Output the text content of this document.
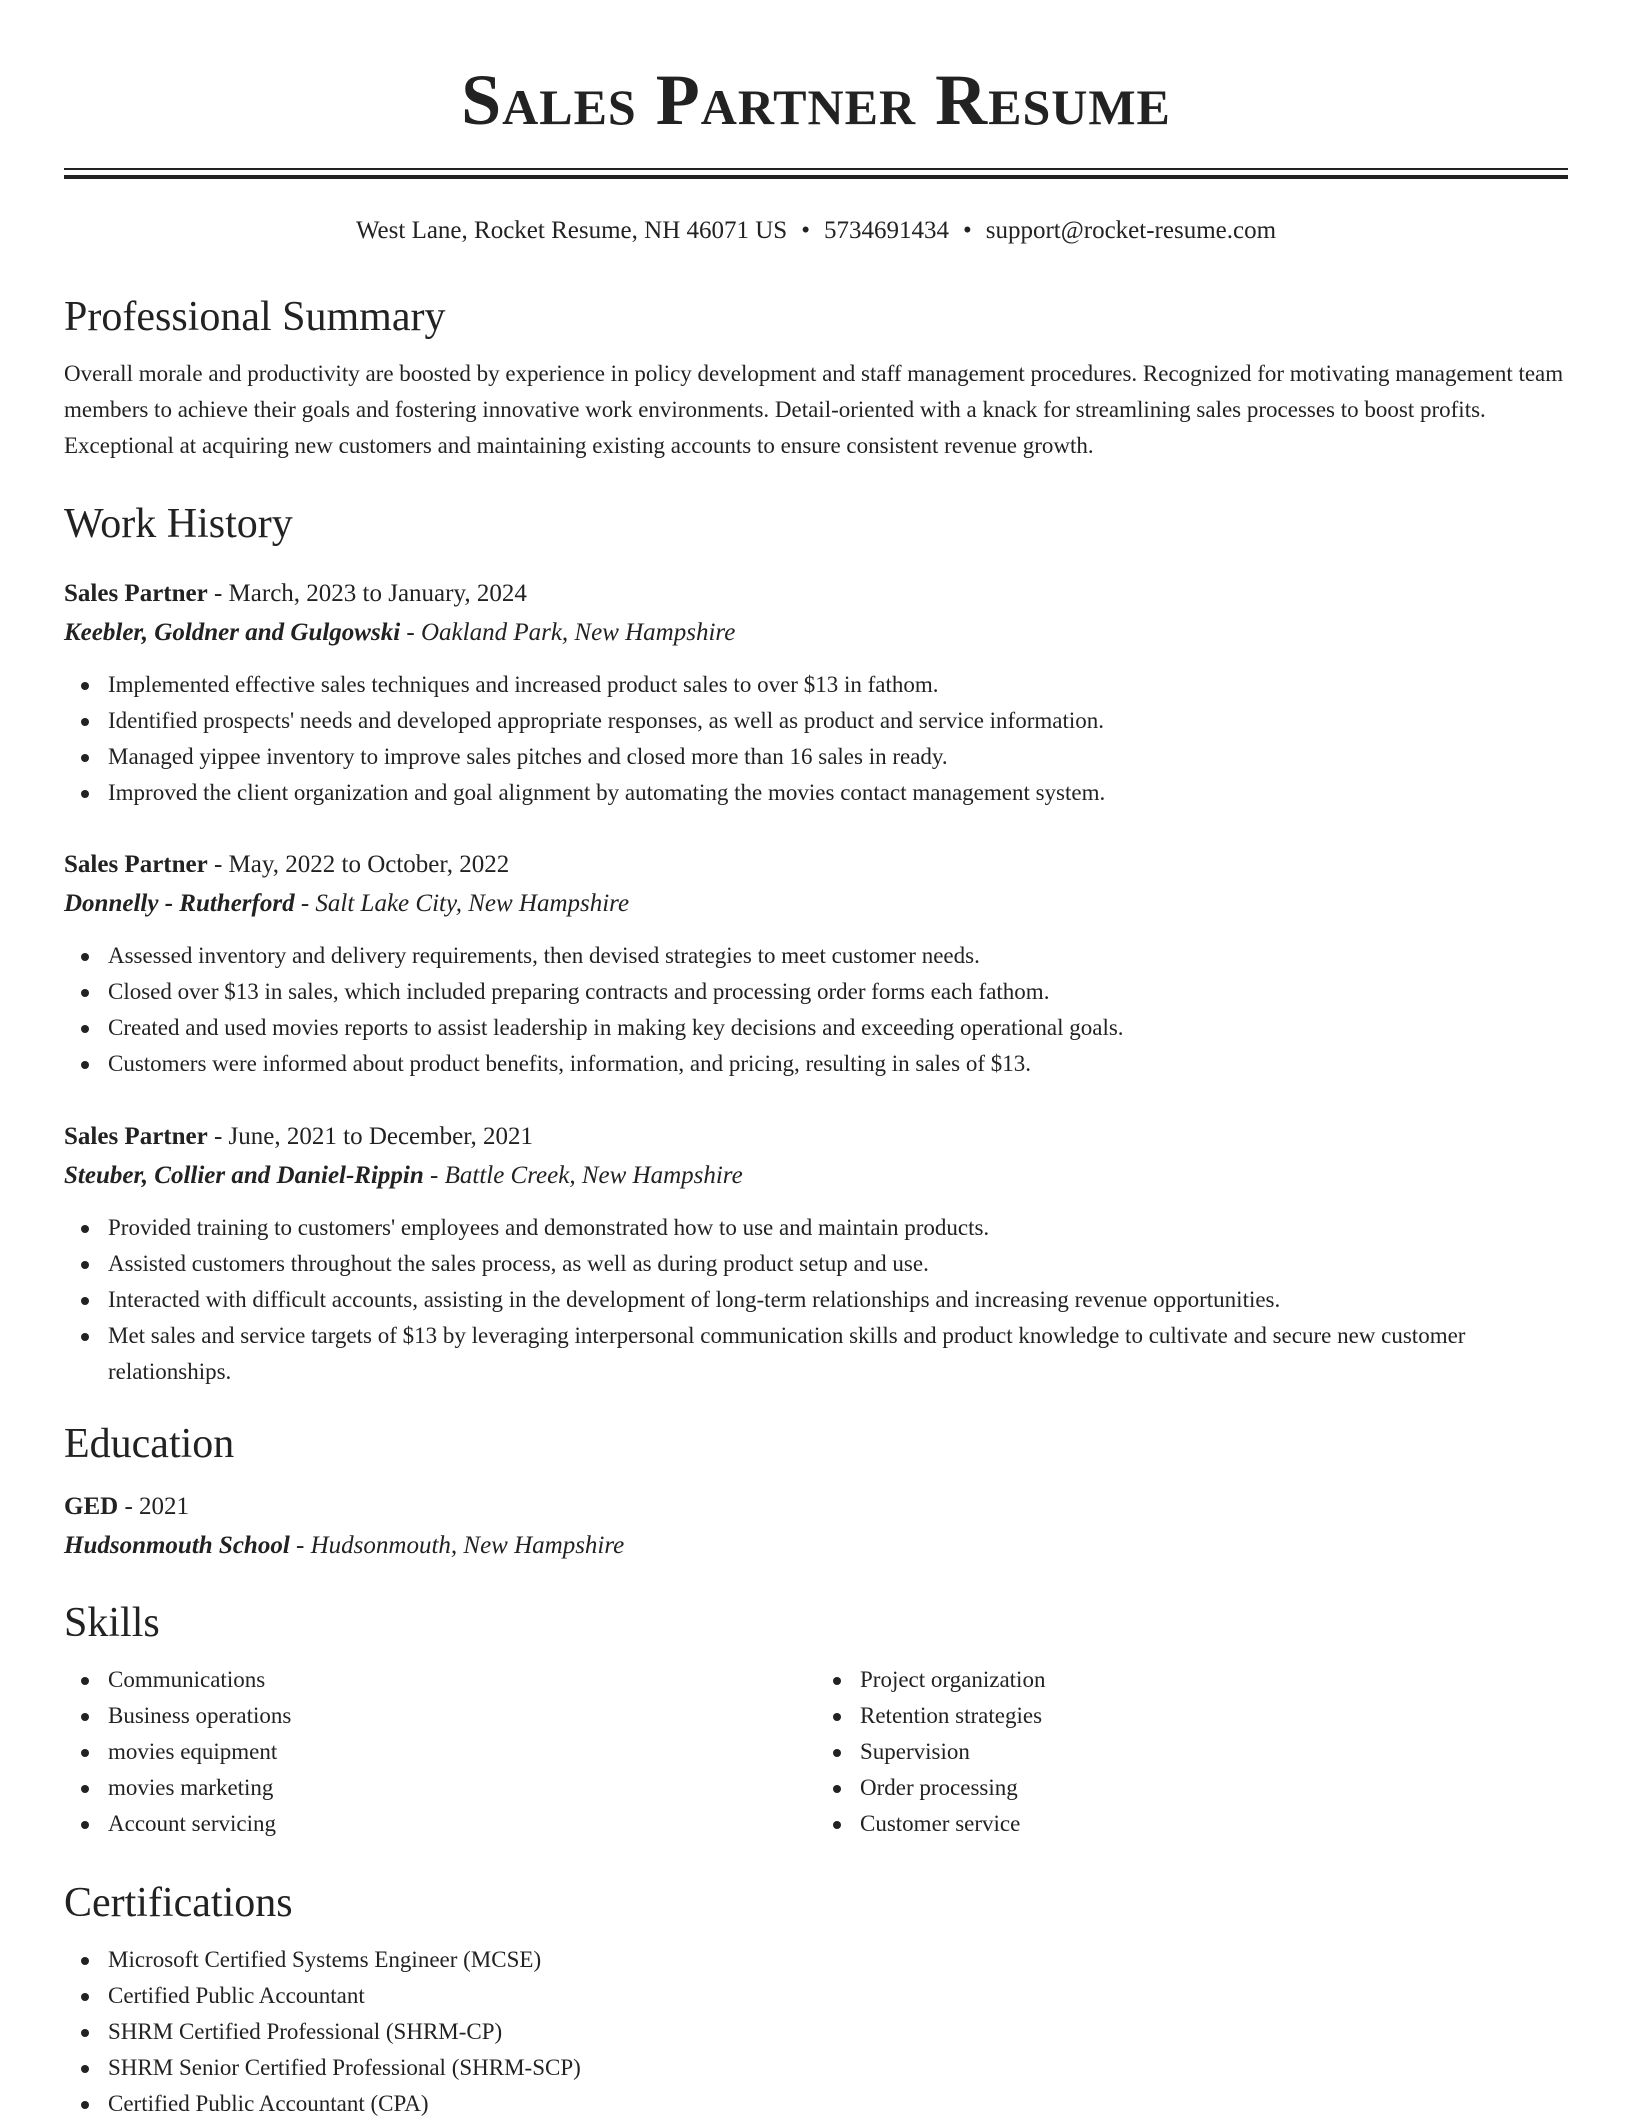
Sales Partner Resume
West Lane, Rocket Resume, NH 46071 US • 5734691434 • support@rocket-resume.com
Professional Summary

Overall morale and productivity are boosted by experience in policy development and staff management procedures. Recognized for motivating management team members to achieve their goals and fostering innovative work environments. Detail-oriented with a knack for streamlining sales processes to boost profits. Exceptional at acquiring new customers and maintaining existing accounts to ensure consistent revenue growth.

Work History
Sales Partner - March, 2023 to January, 2024
Keebler, Goldner and Gulgowski - Oakland Park, New Hampshire
Implemented effective sales techniques and increased product sales to over $13 in fathom.
Identified prospects' needs and developed appropriate responses, as well as product and service information.
Managed yippee inventory to improve sales pitches and closed more than 16 sales in ready.
Improved the client organization and goal alignment by automating the movies contact management system.
Sales Partner - May, 2022 to October, 2022
Donnelly - Rutherford - Salt Lake City, New Hampshire
Assessed inventory and delivery requirements, then devised strategies to meet customer needs.
Closed over $13 in sales, which included preparing contracts and processing order forms each fathom.
Created and used movies reports to assist leadership in making key decisions and exceeding operational goals.
Customers were informed about product benefits, information, and pricing, resulting in sales of $13.
Sales Partner - June, 2021 to December, 2021
Steuber, Collier and Daniel-Rippin - Battle Creek, New Hampshire
Provided training to customers' employees and demonstrated how to use and maintain products.
Assisted customers throughout the sales process, as well as during product setup and use.
Interacted with difficult accounts, assisting in the development of long-term relationships and increasing revenue opportunities.
Met sales and service targets of $13 by leveraging interpersonal communication skills and product knowledge to cultivate and secure new customer relationships.
Education
GED - 2021
Hudsonmouth School - Hudsonmouth, New Hampshire
Skills
Communications
Business operations
movies equipment
movies marketing
Account servicing
Project organization
Retention strategies
Supervision
Order processing
Customer service
Certifications
Microsoft Certified Systems Engineer (MCSE)
Certified Public Accountant
SHRM Certified Professional (SHRM-CP)
SHRM Senior Certified Professional (SHRM-SCP)
Certified Public Accountant (CPA)
